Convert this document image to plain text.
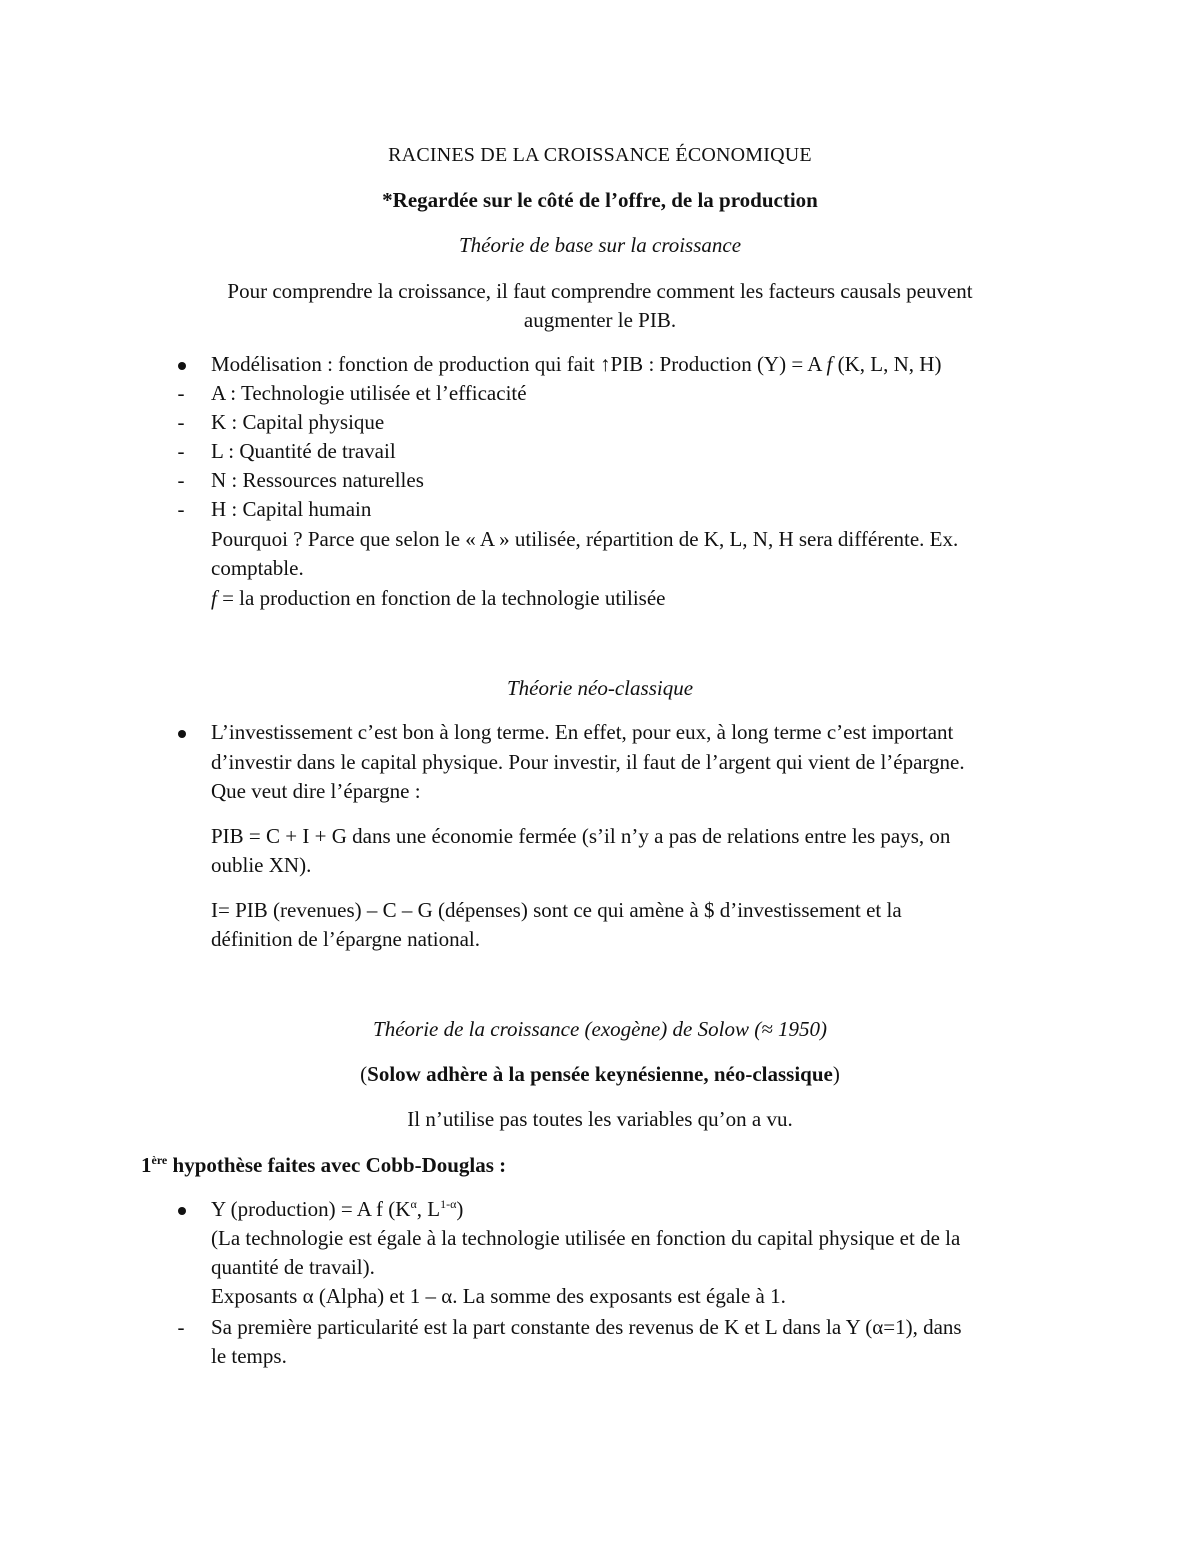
RACINES DE LA CROISSANCE ÉCONOMIQUE
*Regardée sur le côté de l’offre, de la production
Théorie de base sur la croissance
Pour comprendre la croissance, il faut comprendre comment les facteurs causals peuvent
augmenter le PIB.
Modélisation : fonction de production qui fait ↑PIB : Production (Y) = A f (K, L, N, H)
- A : Technologie utilisée et l’efficacité
- K : Capital physique
- L : Quantité de travail
- N : Ressources naturelles
- H : Capital humain
Pourquoi ? Parce que selon le « A » utilisée, répartition de K, L, N, H sera différente. Ex.
comptable.
f = la production en fonction de la technologie utilisée
Théorie néo-classique
L’investissement c’est bon à long terme. En effet, pour eux, à long terme c’est important
d’investir dans le capital physique. Pour investir, il faut de l’argent qui vient de l’épargne.
Que veut dire l’épargne :
PIB = C + I + G dans une économie fermée (s’il n’y a pas de relations entre les pays, on
oublie XN).
I= PIB (revenues) – C – G (dépenses) sont ce qui amène à $ d’investissement et la
définition de l’épargne national.
Théorie de la croissance (exogène) de Solow (≈ 1950)
(Solow adhère à la pensée keynésienne, néo-classique)
Il n’utilise pas toutes les variables qu’on a vu.
1ère hypothèse faites avec Cobb-Douglas :
Y (production) = A f ($K^\alpha$, $L^{1-\alpha}$)
(La technologie est égale à la technologie utilisée en fonction du capital physique et de la
quantité de travail).
Exposants α (Alpha) et 1 – α. La somme des exposants est égale à 1.
- Sa première particularité est la part constante des revenus de K et L dans la Y (α=1), dans
le temps.
